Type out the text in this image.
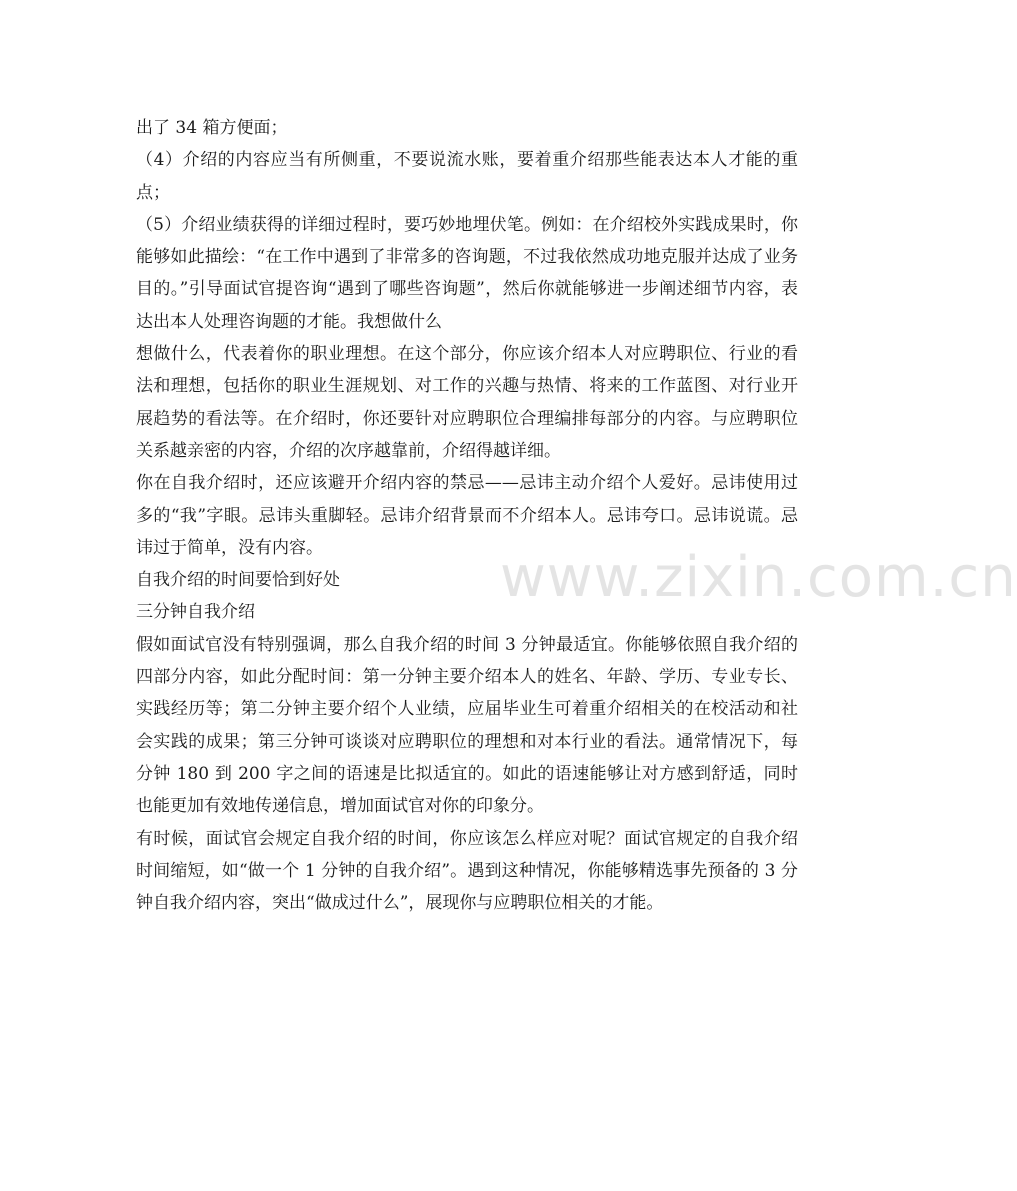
www.zixin.com.cn

出了 34 箱方便面；

（4）介绍的内容应当有所侧重，不要说流水账，要着重介绍那些能表达本人才能的重点；

（5）介绍业绩获得的详细过程时，要巧妙地埋伏笔。例如：在介绍校外实践成果时，你能够如此描绘：“在工作中遇到了非常多的咨询题，不过我依然成功地克服并达成了业务目的。”引导面试官提咨询“遇到了哪些咨询题”，然后你就能够进一步阐述细节内容，表达出本人处理咨询题的才能。我想做什么

想做什么，代表着你的职业理想。在这个部分，你应该介绍本人对应聘职位、行业的看法和理想，包括你的职业生涯规划、对工作的兴趣与热情、将来的工作蓝图、对行业开展趋势的看法等。在介绍时，你还要针对应聘职位合理编排每部分的内容。与应聘职位关系越亲密的内容，介绍的次序越靠前，介绍得越详细。

你在自我介绍时，还应该避开介绍内容的禁忌——忌讳主动介绍个人爱好。忌讳使用过多的“我”字眼。忌讳头重脚轻。忌讳介绍背景而不介绍本人。忌讳夸口。忌讳说谎。忌讳过于简单，没有内容。

自我介绍的时间要恰到好处

三分钟自我介绍

假如面试官没有特别强调，那么自我介绍的时间 3 分钟最适宜。你能够依照自我介绍的四部分内容，如此分配时间：第一分钟主要介绍本人的姓名、年龄、学历、专业专长、实践经历等；第二分钟主要介绍个人业绩，应届毕业生可着重介绍相关的在校活动和社会实践的成果；第三分钟可谈谈对应聘职位的理想和对本行业的看法。通常情况下，每分钟 180 到 200 字之间的语速是比拟适宜的。如此的语速能够让对方感到舒适，同时也能更加有效地传递信息，增加面试官对你的印象分。

有时候，面试官会规定自我介绍的时间，你应该怎么样应对呢？面试官规定的自我介绍时间缩短，如“做一个 1 分钟的自我介绍”。遇到这种情况，你能够精选事先预备的 3 分钟自我介绍内容，突出“做成过什么”，展现你与应聘职位相关的才能。
